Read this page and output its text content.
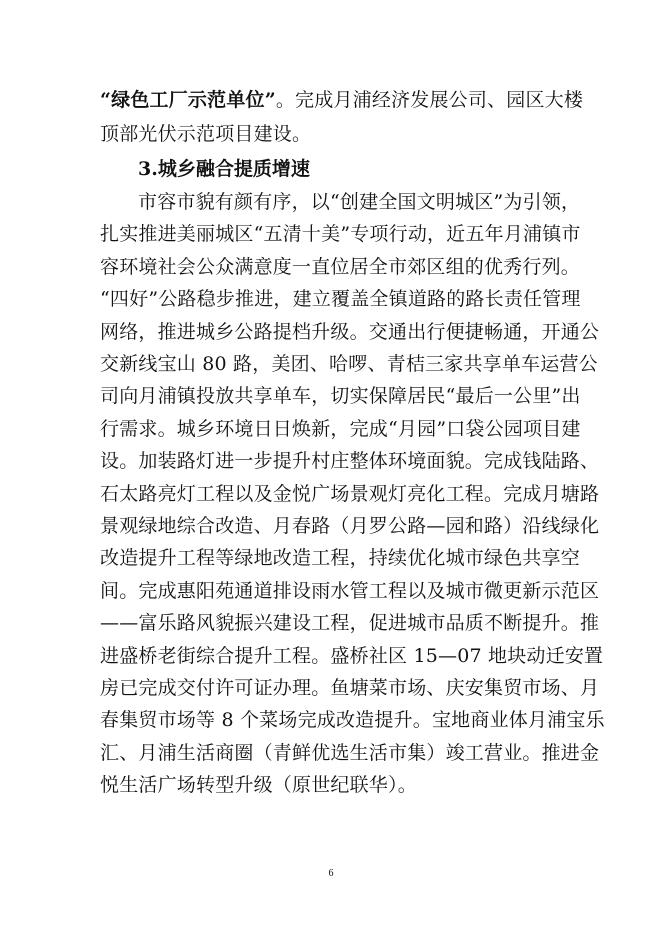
“绿色工厂示范单位”。完成月浦经济发展公司、园区大楼
顶部光伏示范项目建设。
3.城乡融合提质增速
市容市貌有颜有序，以“创建全国文明城区”为引领，
扎实推进美丽城区“五清十美”专项行动，近五年月浦镇市
容环境社会公众满意度一直位居全市郊区组的优秀行列。
“四好”公路稳步推进，建立覆盖全镇道路的路长责任管理
网络，推进城乡公路提档升级。交通出行便捷畅通，开通公
交新线宝山 80 路，美团、哈啰、青桔三家共享单车运营公
司向月浦镇投放共享单车，切实保障居民“最后一公里”出
行需求。城乡环境日日焕新，完成“月园”口袋公园项目建
设。加装路灯进一步提升村庄整体环境面貌。完成钱陆路、
石太路亮灯工程以及金悦广场景观灯亮化工程。完成月塘路
景观绿地综合改造、月春路（月罗公路—园和路）沿线绿化
改造提升工程等绿地改造工程，持续优化城市绿色共享空
间。完成惠阳苑通道排设雨水管工程以及城市微更新示范区
——富乐路风貌振兴建设工程，促进城市品质不断提升。推
进盛桥老街综合提升工程。盛桥社区 15—07 地块动迁安置
房已完成交付许可证办理。鱼塘菜市场、庆安集贸市场、月
春集贸市场等 8 个菜场完成改造提升。宝地商业体月浦宝乐
汇、月浦生活商圈（青鲜优选生活市集）竣工营业。推进金
悦生活广场转型升级（原世纪联华）。
6
